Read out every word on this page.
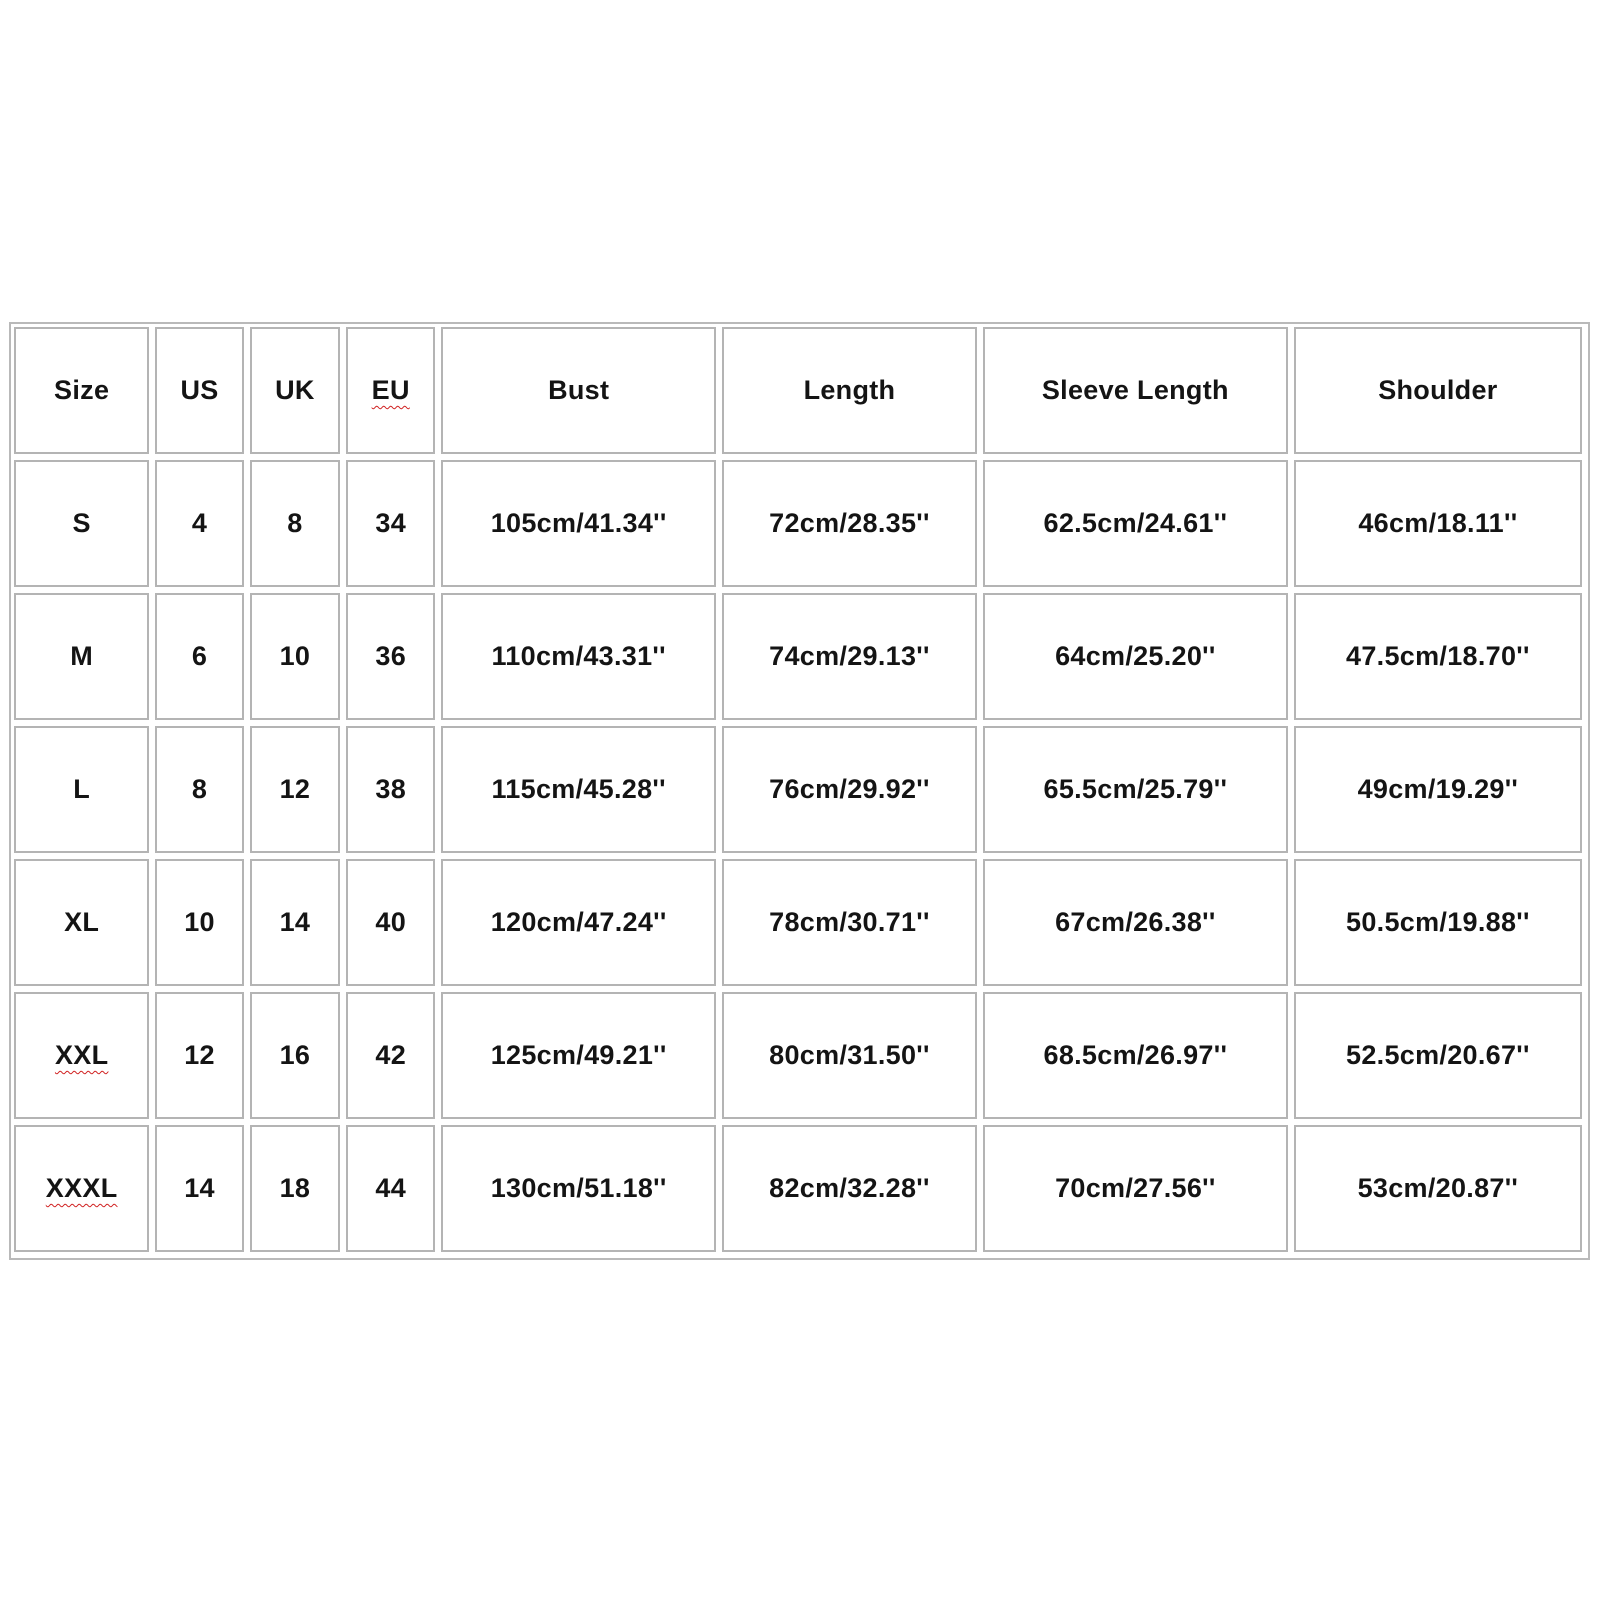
Size	US	UK	EU	Bust	Length	Sleeve Length	Shoulder
S	4	8	34	105cm/41.34''	72cm/28.35''	62.5cm/24.61''	46cm/18.11''
M	6	10	36	110cm/43.31''	74cm/29.13''	64cm/25.20''	47.5cm/18.70''
L	8	12	38	115cm/45.28''	76cm/29.92''	65.5cm/25.79''	49cm/19.29''
XL	10	14	40	120cm/47.24''	78cm/30.71''	67cm/26.38''	50.5cm/19.88''
XXL	12	16	42	125cm/49.21''	80cm/31.50''	68.5cm/26.97''	52.5cm/20.67''
XXXL	14	18	44	130cm/51.18''	82cm/32.28''	70cm/27.56''	53cm/20.87''
